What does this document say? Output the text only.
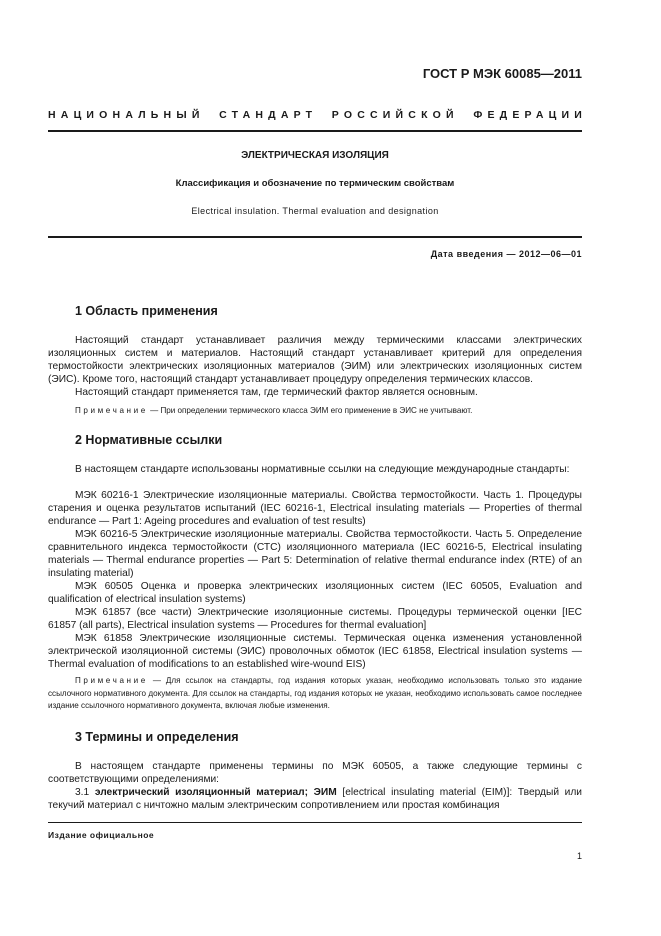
ГОСТ Р МЭК 60085—2011
НАЦИОНАЛЬНЫЙ СТАНДАРТ РОССИЙСКОЙ ФЕДЕРАЦИИ
ЭЛЕКТРИЧЕСКАЯ ИЗОЛЯЦИЯ
Классификация и обозначение по термическим свойствам
Electrical insulation. Thermal evaluation and designation
Дата введения — 2012—06—01
1 Область применения
Настоящий стандарт устанавливает различия между термическими классами электрических изоляционных систем и материалов. Настоящий стандарт устанавливает критерий для определения термостойкости электрических изоляционных материалов (ЭИМ) или электрических изоляционных систем (ЭИС). Кроме того, настоящий стандарт устанавливает процедуру определения термических классов.
Настоящий стандарт применяется там, где термический фактор является основным.
Примечание — При определении термического класса ЭИМ его применение в ЭИС не учитывают.
2 Нормативные ссылки
В настоящем стандарте использованы нормативные ссылки на следующие международные стандарты:
МЭК 60216-1 Электрические изоляционные материалы. Свойства термостойкости. Часть 1. Процедуры старения и оценка результатов испытаний (IEC 60216-1, Electrical insulating materials — Properties of thermal endurance — Part 1: Ageing procedures and evaluation of test results)
МЭК 60216-5 Электрические изоляционные материалы. Свойства термостойкости. Часть 5. Определение сравнительного индекса термостойкости (СТС) изоляционного материала (IEC 60216-5, Electrical insulating materials — Thermal endurance properties — Part 5: Determination of relative thermal endurance index (RTE) of an insulating material)
МЭК 60505 Оценка и проверка электрических изоляционных систем (IEC 60505, Evaluation and qualification of electrical insulation systems)
МЭК 61857 (все части) Электрические изоляционные системы. Процедуры термической оценки [IEC 61857 (all parts), Electrical insulation systems — Procedures for thermal evaluation]
МЭК 61858 Электрические изоляционные системы. Термическая оценка изменения установленной электрической изоляционной системы (ЭИС) проволочных обмоток (IEC 61858, Electrical insulation systems — Thermal evaluation of modifications to an established wire-wound EIS)
Примечание — Для ссылок на стандарты, год издания которых указан, необходимо использовать только это издание ссылочного нормативного документа. Для ссылок на стандарты, год издания которых не указан, необходимо использовать самое последнее издание ссылочного нормативного документа, включая любые изменения.
3 Термины и определения
В настоящем стандарте применены термины по МЭК 60505, а также следующие термины с соответствующими определениями:
3.1 электрический изоляционный материал; ЭИМ [electrical insulating material (EIM)]: Твердый или текучий материал с ничтожно малым электрическим сопротивлением или простая комбинация
Издание официальное
1
